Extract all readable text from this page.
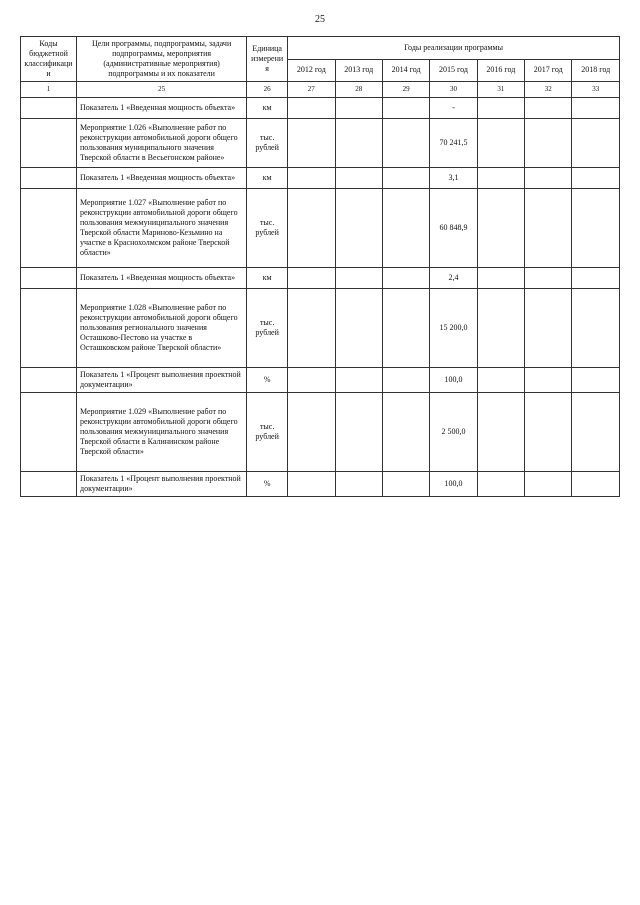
25
Коды бюджетной классификации	Цели программы, подпрограммы, задачи подпрограммы, мероприятия (административные мероприятия) подпрограммы и их показатели	Единица измерения	Годы реализации программы						
			2012 год	2013 год	2014 год	2015 год	2016 год	2017 год	2018 год
1	25	26	27	28	29	30	31	32	33
	Показатель 1 «Введенная мощность объекта»	км				-			
	Мероприятие 1.026 «Выполнение работ по реконструкции автомобильной дороги общего пользования муниципального значения Тверской области в Весьегонском районе»	тыс. рублей				70 241,5			
	Показатель 1 «Введенная мощность объекта»	км				3,1			
	Мероприятие 1.027 «Выполнение работ по реконструкции автомобильной дороги общего пользования межмуниципального значения Тверской области Мариново-Кезьмино на участке в Краснохолмском районе Тверской области»	тыс. рублей				60 848,9			
	Показатель 1 «Введенная мощность объекта»	км				2,4			
	Мероприятие 1.028 «Выполнение работ по реконструкции автомобильной дороги общего пользования регионального значения Осташково-Пестово на участке в Осташковском районе Тверской области»	тыс. рублей				15 200,0			
	Показатель 1 «Процент выполнения проектной документации»	%				100,0			
	Мероприятие 1.029 «Выполнение работ по реконструкции автомобильной дороги общего пользования межмуниципального значения Тверской области в Калининском районе Тверской области»	тыс. рублей				2 500,0			
	Показатель 1 «Процент выполнения проектной документации»	%				100,0			
